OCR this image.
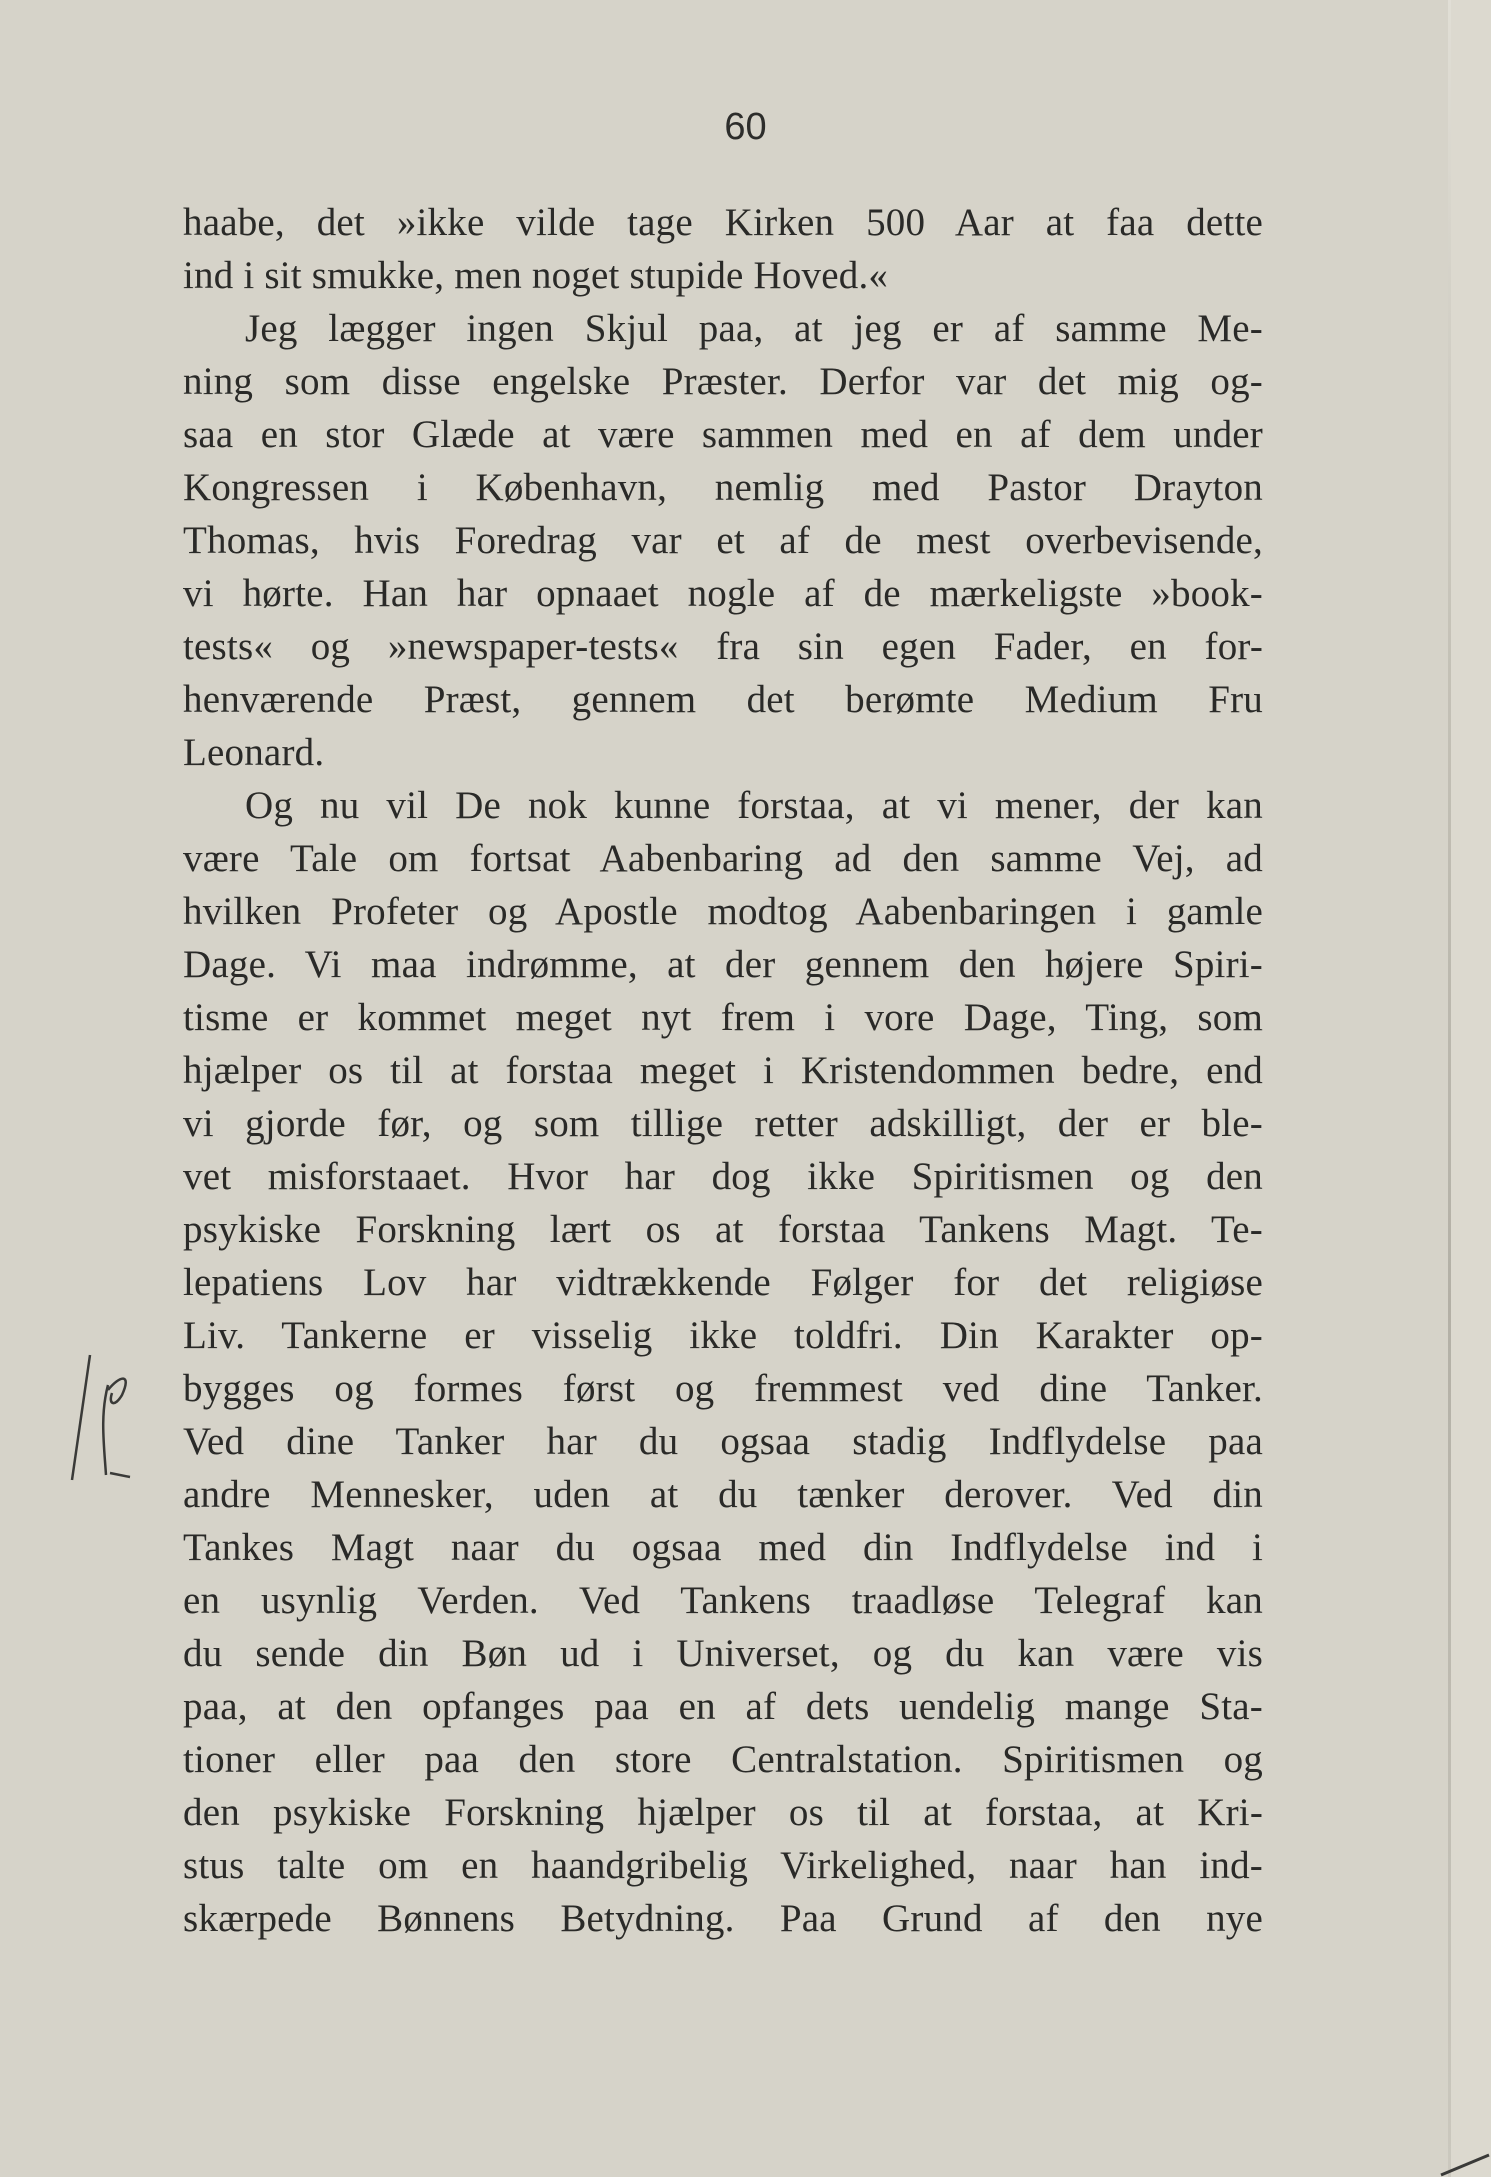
60

haabe, det »ikke vilde tage Kirken 500 Aar at faa dette
ind i sit smukke, men noget stupide Hoved.«
Jeg lægger ingen Skjul paa, at jeg er af samme Me-
ning som disse engelske Præster. Derfor var det mig og-
saa en stor Glæde at være sammen med en af dem under
Kongressen i København, nemlig med Pastor Drayton
Thomas, hvis Foredrag var et af de mest overbevisende,
vi hørte. Han har opnaaet nogle af de mærkeligste »book-
tests« og »newspaper-tests« fra sin egen Fader, en for-
henværende Præst, gennem det berømte Medium Fru
Leonard.
Og nu vil De nok kunne forstaa, at vi mener, der kan
være Tale om fortsat Aabenbaring ad den samme Vej, ad
hvilken Profeter og Apostle modtog Aabenbaringen i gamle
Dage. Vi maa indrømme, at der gennem den højere Spiri-
tisme er kommet meget nyt frem i vore Dage, Ting, som
hjælper os til at forstaa meget i Kristendommen bedre, end
vi gjorde før, og som tillige retter adskilligt, der er ble-
vet misforstaaet. Hvor har dog ikke Spiritismen og den
psykiske Forskning lært os at forstaa Tankens Magt. Te-
lepatiens Lov har vidtrækkende Følger for det religiøse
Liv. Tankerne er visselig ikke toldfri. Din Karakter op-
bygges og formes først og fremmest ved dine Tanker.
Ved dine Tanker har du ogsaa stadig Indflydelse paa
andre Mennesker, uden at du tænker derover. Ved din
Tankes Magt naar du ogsaa med din Indflydelse ind i
en usynlig Verden. Ved Tankens traadløse Telegraf kan
du sende din Bøn ud i Universet, og du kan være vis
paa, at den opfanges paa en af dets uendelig mange Sta-
tioner eller paa den store Centralstation. Spiritismen og
den psykiske Forskning hjælper os til at forstaa, at Kri-
stus talte om en haandgribelig Virkelighed, naar han ind-
skærpede Bønnens Betydning. Paa Grund af den nye
